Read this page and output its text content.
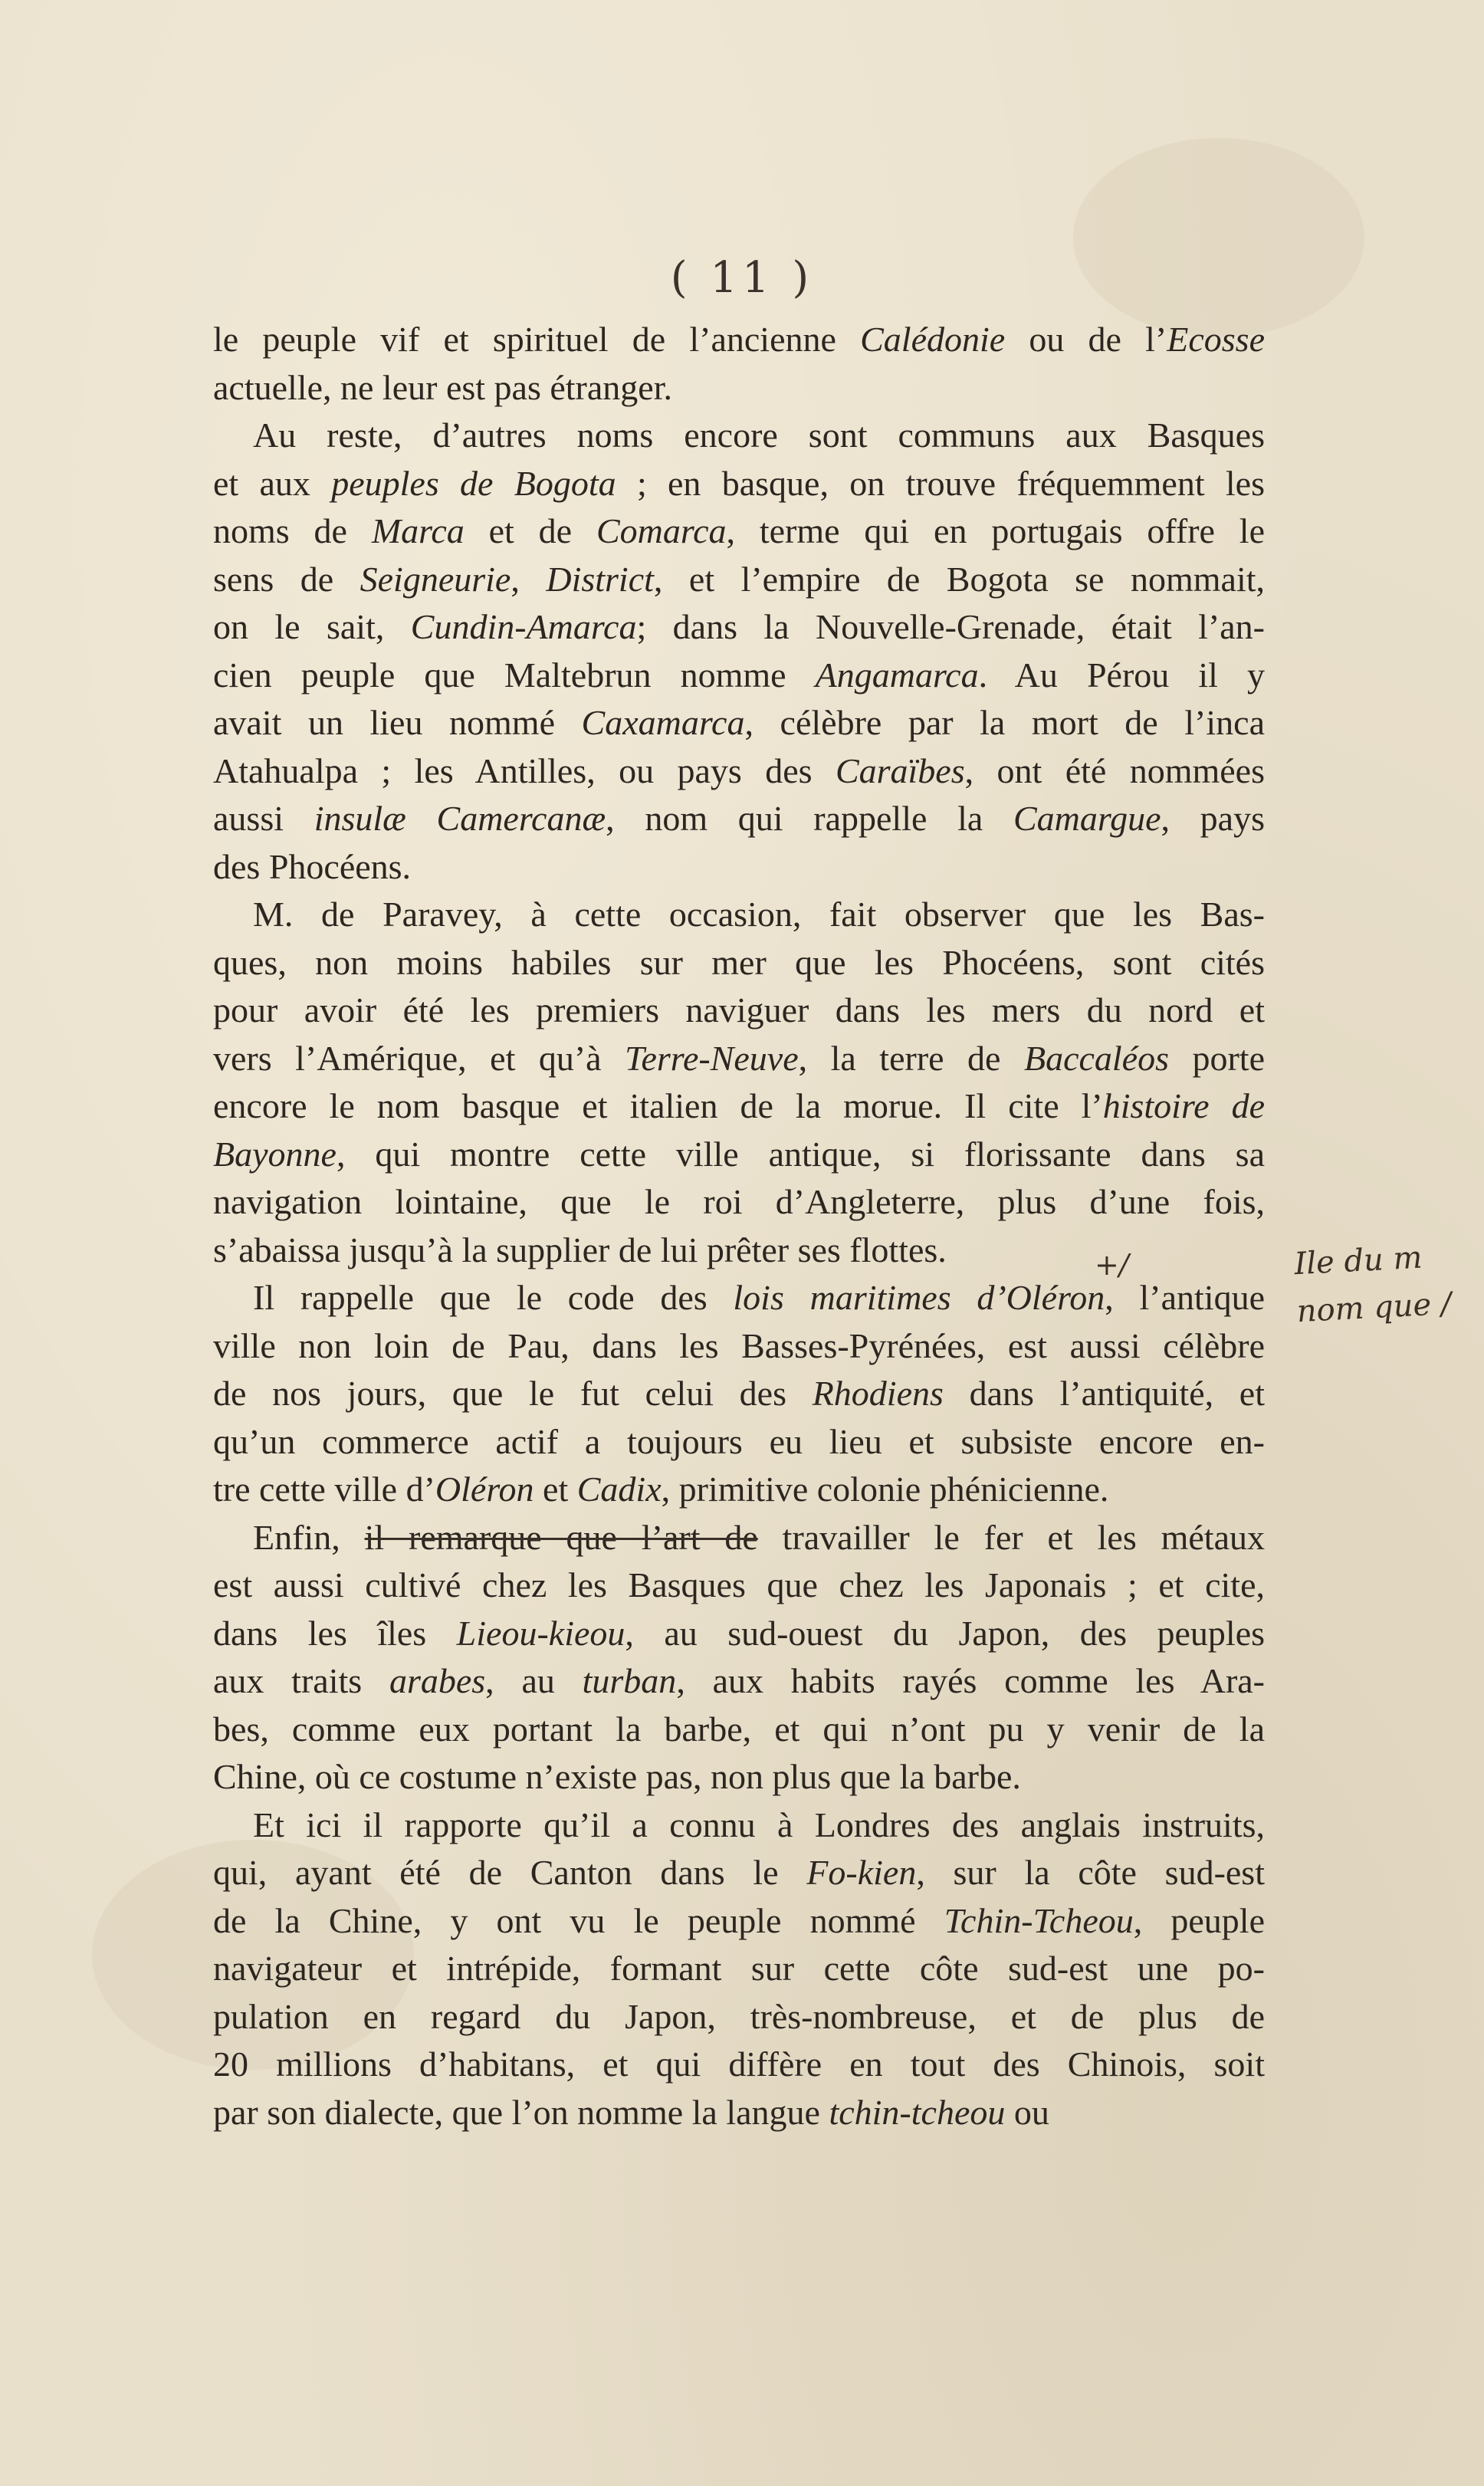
( 11 )
le peuple vif et spirituel de l’ancienne Calédonie ou de l’Ecosse
actuelle, ne leur est pas étranger.
Au reste, d’autres noms encore sont communs aux Basques
et aux peuples de Bogota ; en basque, on trouve fréquemment les
noms de Marca et de Comarca, terme qui en portugais offre le
sens de Seigneurie, District, et l’empire de Bogota se nommait,
on le sait, Cundin-Amarca; dans la Nouvelle-Grenade, était l’an-
cien peuple que Maltebrun nomme Angamarca. Au Pérou il y
avait un lieu nommé Caxamarca, célèbre par la mort de l’inca
Atahualpa ; les Antilles, ou pays des Caraïbes, ont été nommées
aussi insulæ Camercanæ, nom qui rappelle la Camargue, pays
des Phocéens.
M. de Paravey, à cette occasion, fait observer que les Bas-
ques, non moins habiles sur mer que les Phocéens, sont cités
pour avoir été les premiers naviguer dans les mers du nord et
vers l’Amérique, et qu’à Terre-Neuve, la terre de Baccaléos porte
encore le nom basque et italien de la morue. Il cite l’histoire de
Bayonne, qui montre cette ville antique, si florissante dans sa
navigation lointaine, que le roi d’Angleterre, plus d’une fois,
s’abaissa jusqu’à la supplier de lui prêter ses flottes.
Il rappelle que le code des lois maritimes d’Oléron, l’antique
ville non loin de Pau, dans les Basses-Pyrénées, est aussi célèbre
de nos jours, que le fut celui des Rhodiens dans l’antiquité, et
qu’un commerce actif a toujours eu lieu et subsiste encore en-
tre cette ville d’Oléron et Cadix, primitive colonie phénicienne.
Enfin, il remarque que l’art de travailler le fer et les métaux
est aussi cultivé chez les Basques que chez les Japonais ; et cite,
dans les îles Lieou-kieou, au sud-ouest du Japon, des peuples
aux traits arabes, au turban, aux habits rayés comme les Ara-
bes, comme eux portant la barbe, et qui n’ont pu y venir de la
Chine, où ce costume n’existe pas, non plus que la barbe.
Et ici il rapporte qu’il a connu à Londres des anglais instruits,
qui, ayant été de Canton dans le Fo-kien, sur la côte sud-est
de la Chine, y ont vu le peuple nommé Tchin-Tcheou, peuple
navigateur et intrépide, formant sur cette côte sud-est une po-
pulation en regard du Japon, très-nombreuse, et de plus de
20 millions d’habitans, et qui diffère en tout des Chinois, soit
par son dialecte, que l’on nomme la langue tchin-tcheou ou
+/	Ile du m
nom que /
